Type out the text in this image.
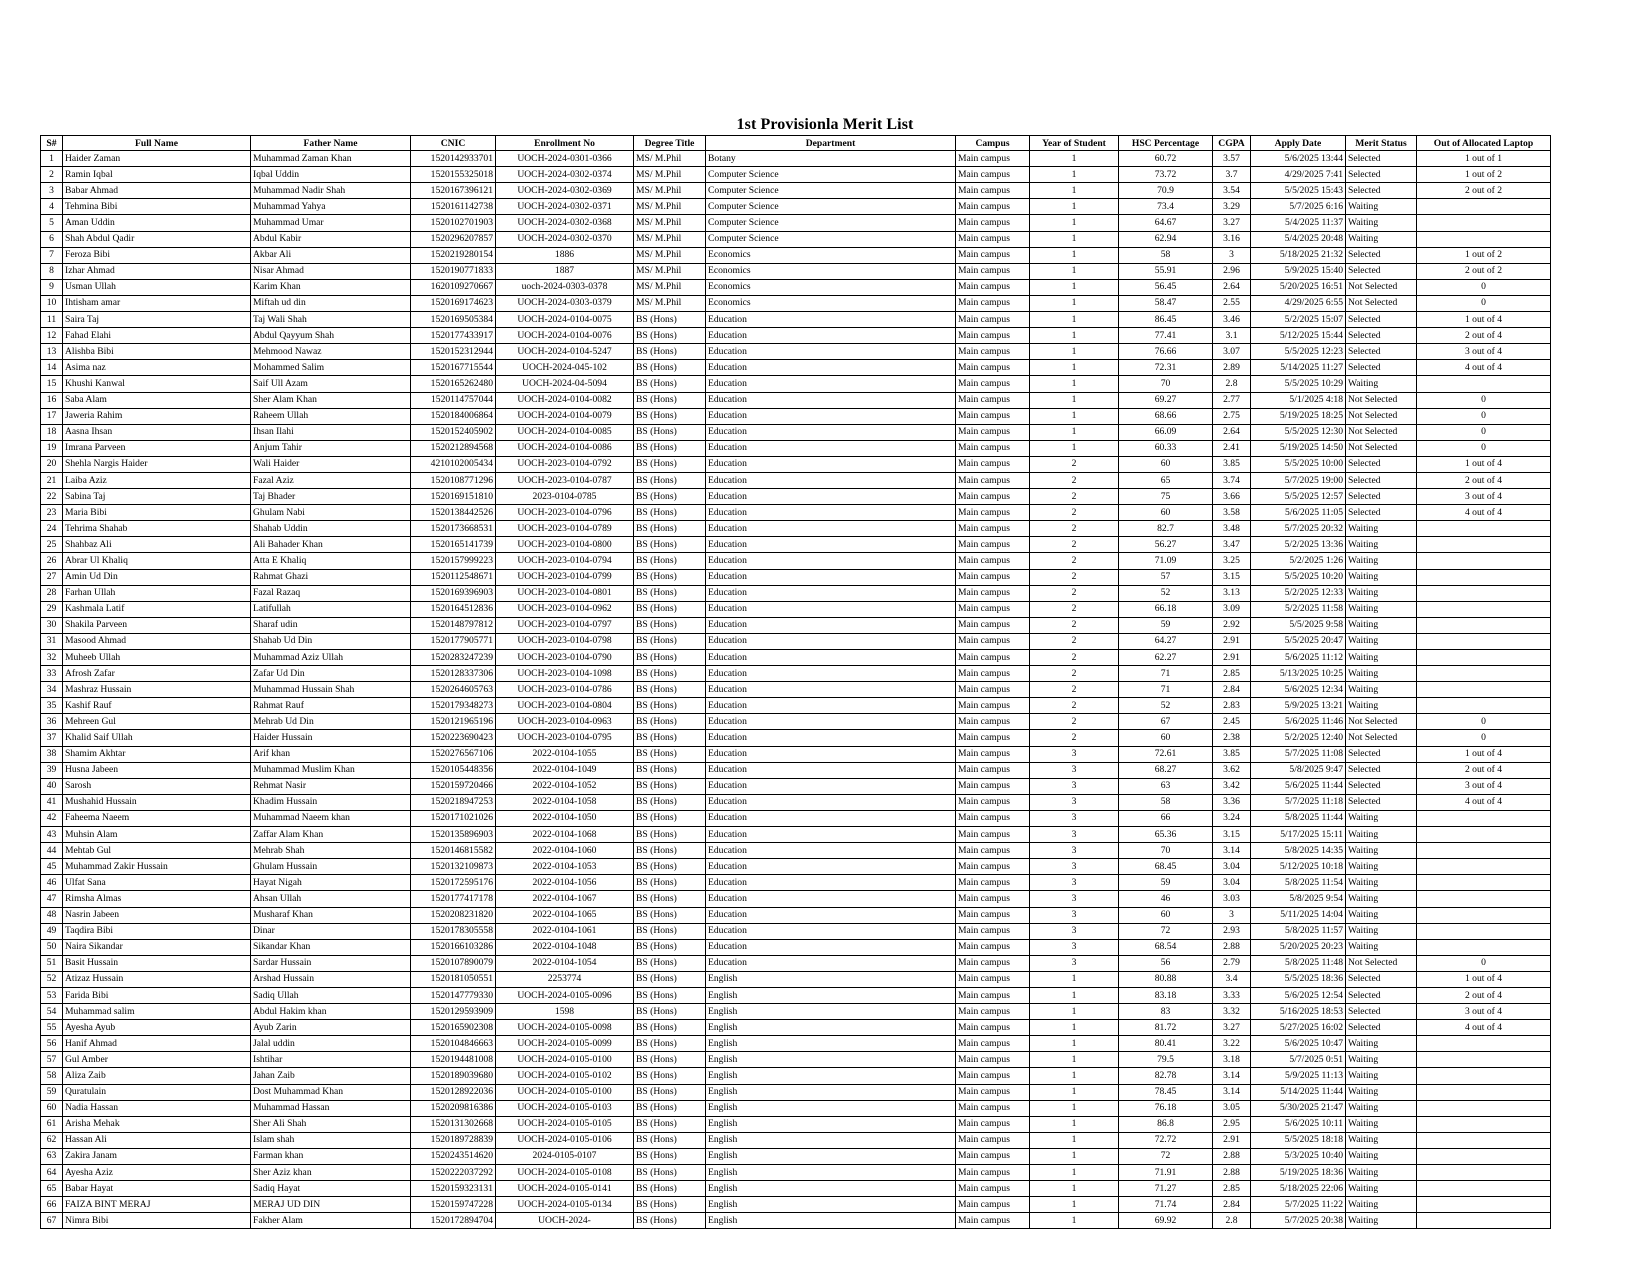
1st Provisionla Merit List
S#	Full Name	Father Name	CNIC	Enrollment No	Degree Title	Department	Campus	Year of Student	HSC Percentage	CGPA	Apply Date	Merit Status	Out of Allocated Laptop
1	Haider Zaman	Muhammad Zaman Khan	1520142933701	UOCH-2024-0301-0366	MS/ M.Phil	Botany	Main campus	1	60.72	3.57	5/6/2025 13:44	Selected	1 out of 1
2	Ramin Iqbal	Iqbal Uddin	1520155325018	UOCH-2024-0302-0374	MS/ M.Phil	Computer Science	Main campus	1	73.72	3.7	4/29/2025 7:41	Selected	1 out of 2
3	Babar Ahmad	Muhammad Nadir Shah	1520167396121	UOCH-2024-0302-0369	MS/ M.Phil	Computer Science	Main campus	1	70.9	3.54	5/5/2025 15:43	Selected	2 out of 2
4	Tehmina Bibi	Muhammad Yahya	1520161142738	UOCH-2024-0302-0371	MS/ M.Phil	Computer Science	Main campus	1	73.4	3.29	5/7/2025 6:16	Waiting	
5	Aman Uddin	Muhammad Umar	1520102701903	UOCH-2024-0302-0368	MS/ M.Phil	Computer Science	Main campus	1	64.67	3.27	5/4/2025 11:37	Waiting	
6	Shah Abdul Qadir	Abdul Kabir	1520296207857	UOCH-2024-0302-0370	MS/ M.Phil	Computer Science	Main campus	1	62.94	3.16	5/4/2025 20:48	Waiting	
7	Feroza Bibi	Akbar Ali	1520219280154	1886	MS/ M.Phil	Economics	Main campus	1	58	3	5/18/2025 21:32	Selected	1 out of 2
8	Izhar Ahmad	Nisar Ahmad	1520190771833	1887	MS/ M.Phil	Economics	Main campus	1	55.91	2.96	5/9/2025 15:40	Selected	2 out of 2
9	Usman Ullah	Karim Khan	1620109270667	uoch-2024-0303-0378	MS/ M.Phil	Economics	Main campus	1	56.45	2.64	5/20/2025 16:51	Not Selected	0
10	Ihtisham amar	Miftah ud din	1520169174623	UOCH-2024-0303-0379	MS/ M.Phil	Economics	Main campus	1	58.47	2.55	4/29/2025 6:55	Not Selected	0
11	Saira Taj	Taj Wali Shah	1520169505384	UOCH-2024-0104-0075	BS (Hons)	Education	Main campus	1	86.45	3.46	5/2/2025 15:07	Selected	1 out of 4
12	Fahad Elahi	Abdul Qayyum Shah	1520177433917	UOCH-2024-0104-0076	BS (Hons)	Education	Main campus	1	77.41	3.1	5/12/2025 15:44	Selected	2 out of 4
13	Alishba Bibi	Mehmood Nawaz	1520152312944	UOCH-2024-0104-5247	BS (Hons)	Education	Main campus	1	76.66	3.07	5/5/2025 12:23	Selected	3 out of 4
14	Asima naz	Mohammed Salim	1520167715544	UOCH-2024-045-102	BS (Hons)	Education	Main campus	1	72.31	2.89	5/14/2025 11:27	Selected	4 out of 4
15	Khushi Kanwal	Saif Ull Azam	1520165262480	UOCH-2024-04-5094	BS (Hons)	Education	Main campus	1	70	2.8	5/5/2025 10:29	Waiting	
16	Saba Alam	Sher Alam Khan	1520114757044	UOCH-2024-0104-0082	BS (Hons)	Education	Main campus	1	69.27	2.77	5/1/2025 4:18	Not Selected	0
17	Jaweria Rahim	Raheem Ullah	1520184006864	UOCH-2024-0104-0079	BS (Hons)	Education	Main campus	1	68.66	2.75	5/19/2025 18:25	Not Selected	0
18	Aasna Ihsan	Ihsan Ilahi	1520152405902	UOCH-2024-0104-0085	BS (Hons)	Education	Main campus	1	66.09	2.64	5/5/2025 12:30	Not Selected	0
19	Imrana Parveen	Anjum Tahir	1520212894568	UOCH-2024-0104-0086	BS (Hons)	Education	Main campus	1	60.33	2.41	5/19/2025 14:50	Not Selected	0
20	Shehla Nargis Haider	Wali Haider	4210102005434	UOCH-2023-0104-0792	BS (Hons)	Education	Main campus	2	60	3.85	5/5/2025 10:00	Selected	1 out of 4
21	Laiba Aziz	Fazal Aziz	1520108771296	UOCH-2023-0104-0787	BS (Hons)	Education	Main campus	2	65	3.74	5/7/2025 19:00	Selected	2 out of 4
22	Sabina Taj	Taj Bhader	1520169151810	2023-0104-0785	BS (Hons)	Education	Main campus	2	75	3.66	5/5/2025 12:57	Selected	3 out of 4
23	Maria Bibi	Ghulam Nabi	1520138442526	UOCH-2023-0104-0796	BS (Hons)	Education	Main campus	2	60	3.58	5/6/2025 11:05	Selected	4 out of 4
24	Tehrima Shahab	Shahab Uddin	1520173668531	UOCH-2023-0104-0789	BS (Hons)	Education	Main campus	2	82.7	3.48	5/7/2025 20:32	Waiting	
25	Shahbaz Ali	Ali Bahader Khan	1520165141739	UOCH-2023-0104-0800	BS (Hons)	Education	Main campus	2	56.27	3.47	5/2/2025 13:36	Waiting	
26	Abrar Ul Khaliq	Atta E Khaliq	1520157999223	UOCH-2023-0104-0794	BS (Hons)	Education	Main campus	2	71.09	3.25	5/2/2025 1:26	Waiting	
27	Amin Ud Din	Rahmat Ghazi	1520112548671	UOCH-2023-0104-0799	BS (Hons)	Education	Main campus	2	57	3.15	5/5/2025 10:20	Waiting	
28	Farhan Ullah	Fazal Razaq	1520169396903	UOCH-2023-0104-0801	BS (Hons)	Education	Main campus	2	52	3.13	5/2/2025 12:33	Waiting	
29	Kashmala Latif	Latifullah	1520164512836	UOCH-2023-0104-0962	BS (Hons)	Education	Main campus	2	66.18	3.09	5/2/2025 11:58	Waiting	
30	Shakila Parveen	Sharaf udin	1520148797812	UOCH-2023-0104-0797	BS (Hons)	Education	Main campus	2	59	2.92	5/5/2025 9:58	Waiting	
31	Masood Ahmad	Shahab Ud Din	1520177905771	UOCH-2023-0104-0798	BS (Hons)	Education	Main campus	2	64.27	2.91	5/5/2025 20:47	Waiting	
32	Muheeb Ullah	Muhammad Aziz Ullah	1520283247239	UOCH-2023-0104-0790	BS (Hons)	Education	Main campus	2	62.27	2.91	5/6/2025 11:12	Waiting	
33	Afrosh Zafar	Zafar Ud Din	1520128337306	UOCH-2023-0104-1098	BS (Hons)	Education	Main campus	2	71	2.85	5/13/2025 10:25	Waiting	
34	Mashraz Hussain	Muhammad Hussain Shah	1520264605763	UOCH-2023-0104-0786	BS (Hons)	Education	Main campus	2	71	2.84	5/6/2025 12:34	Waiting	
35	Kashif Rauf	Rahmat Rauf	1520179348273	UOCH-2023-0104-0804	BS (Hons)	Education	Main campus	2	52	2.83	5/9/2025 13:21	Waiting	
36	Mehreen Gul	Mehrab Ud Din	1520121965196	UOCH-2023-0104-0963	BS (Hons)	Education	Main campus	2	67	2.45	5/6/2025 11:46	Not Selected	0
37	Khalid Saif Ullah	Haider Hussain	1520223690423	UOCH-2023-0104-0795	BS (Hons)	Education	Main campus	2	60	2.38	5/2/2025 12:40	Not Selected	0
38	Shamim Akhtar	Arif khan	1520276567106	2022-0104-1055	BS (Hons)	Education	Main campus	3	72.61	3.85	5/7/2025 11:08	Selected	1 out of 4
39	Husna Jabeen	Muhammad Muslim Khan	1520105448356	2022-0104-1049	BS (Hons)	Education	Main campus	3	68.27	3.62	5/8/2025 9:47	Selected	2 out of 4
40	Sarosh	Rehmat Nasir	1520159720466	2022-0104-1052	BS (Hons)	Education	Main campus	3	63	3.42	5/6/2025 11:44	Selected	3 out of 4
41	Mushahid Hussain	Khadim Hussain	1520218947253	2022-0104-1058	BS (Hons)	Education	Main campus	3	58	3.36	5/7/2025 11:18	Selected	4 out of 4
42	Faheema Naeem	Muhammad Naeem khan	1520171021026	2022-0104-1050	BS (Hons)	Education	Main campus	3	66	3.24	5/8/2025 11:44	Waiting	
43	Muhsin Alam	Zaffar Alam Khan	1520135896903	2022-0104-1068	BS (Hons)	Education	Main campus	3	65.36	3.15	5/17/2025 15:11	Waiting	
44	Mehtab Gul	Mehrab Shah	1520146815582	2022-0104-1060	BS (Hons)	Education	Main campus	3	70	3.14	5/8/2025 14:35	Waiting	
45	Muhammad Zakir Hussain	Ghulam Hussain	1520132109873	2022-0104-1053	BS (Hons)	Education	Main campus	3	68.45	3.04	5/12/2025 10:18	Waiting	
46	Ulfat Sana	Hayat Nigah	1520172595176	2022-0104-1056	BS (Hons)	Education	Main campus	3	59	3.04	5/8/2025 11:54	Waiting	
47	Rimsha Almas	Ahsan Ullah	1520177417178	2022-0104-1067	BS (Hons)	Education	Main campus	3	46	3.03	5/8/2025 9:54	Waiting	
48	Nasrin Jabeen	Musharaf Khan	1520208231820	2022-0104-1065	BS (Hons)	Education	Main campus	3	60	3	5/11/2025 14:04	Waiting	
49	Taqdira Bibi	Dinar	1520178305558	2022-0104-1061	BS (Hons)	Education	Main campus	3	72	2.93	5/8/2025 11:57	Waiting	
50	Naira Sikandar	Sikandar Khan	1520166103286	2022-0104-1048	BS (Hons)	Education	Main campus	3	68.54	2.88	5/20/2025 20:23	Waiting	
51	Basit Hussain	Sardar Hussain	1520107890079	2022-0104-1054	BS (Hons)	Education	Main campus	3	56	2.79	5/8/2025 11:48	Not Selected	0
52	Atizaz Hussain	Arshad Hussain	1520181050551	2253774	BS (Hons)	English	Main campus	1	80.88	3.4	5/5/2025 18:36	Selected	1 out of 4
53	Farida Bibi	Sadiq Ullah	1520147779330	UOCH-2024-0105-0096	BS (Hons)	English	Main campus	1	83.18	3.33	5/6/2025 12:54	Selected	2 out of 4
54	Muhammad salim	Abdul Hakim khan	1520129593909	1598	BS (Hons)	English	Main campus	1	83	3.32	5/16/2025 18:53	Selected	3 out of 4
55	Ayesha Ayub	Ayub Zarin	1520165902308	UOCH-2024-0105-0098	BS (Hons)	English	Main campus	1	81.72	3.27	5/27/2025 16:02	Selected	4 out of 4
56	Hanif Ahmad	Jalal uddin	1520104846663	UOCH-2024-0105-0099	BS (Hons)	English	Main campus	1	80.41	3.22	5/6/2025 10:47	Waiting	
57	Gul Amber	Ishtihar	1520194481008	UOCH-2024-0105-0100	BS (Hons)	English	Main campus	1	79.5	3.18	5/7/2025 0:51	Waiting	
58	Aliza Zaib	Jahan Zaib	1520189039680	UOCH-2024-0105-0102	BS (Hons)	English	Main campus	1	82.78	3.14	5/9/2025 11:13	Waiting	
59	Quratulain	Dost Muhammad Khan	1520128922036	UOCH-2024-0105-0100	BS (Hons)	English	Main campus	1	78.45	3.14	5/14/2025 11:44	Waiting	
60	Nadia Hassan	Muhammad Hassan	1520209816386	UOCH-2024-0105-0103	BS (Hons)	English	Main campus	1	76.18	3.05	5/30/2025 21:47	Waiting	
61	Arisha Mehak	Sher Ali Shah	1520131302668	UOCH-2024-0105-0105	BS (Hons)	English	Main campus	1	86.8	2.95	5/6/2025 10:11	Waiting	
62	Hassan Ali	Islam shah	1520189728839	UOCH-2024-0105-0106	BS (Hons)	English	Main campus	1	72.72	2.91	5/5/2025 18:18	Waiting	
63	Zakira Janam	Farman khan	1520243514620	2024-0105-0107	BS (Hons)	English	Main campus	1	72	2.88	5/3/2025 10:40	Waiting	
64	Ayesha Aziz	Sher Aziz khan	1520222037292	UOCH-2024-0105-0108	BS (Hons)	English	Main campus	1	71.91	2.88	5/19/2025 18:36	Waiting	
65	Babar Hayat	Sadiq Hayat	1520159323131	UOCH-2024-0105-0141	BS (Hons)	English	Main campus	1	71.27	2.85	5/18/2025 22:06	Waiting	
66	FAIZA BINT MERAJ	MERAJ UD DIN	1520159747228	UOCH-2024-0105-0134	BS (Hons)	English	Main campus	1	71.74	2.84	5/7/2025 11:22	Waiting	
67	Nimra Bibi	Fakher Alam	1520172894704	UOCH-2024-	BS (Hons)	English	Main campus	1	69.92	2.8	5/7/2025 20:38	Waiting	
